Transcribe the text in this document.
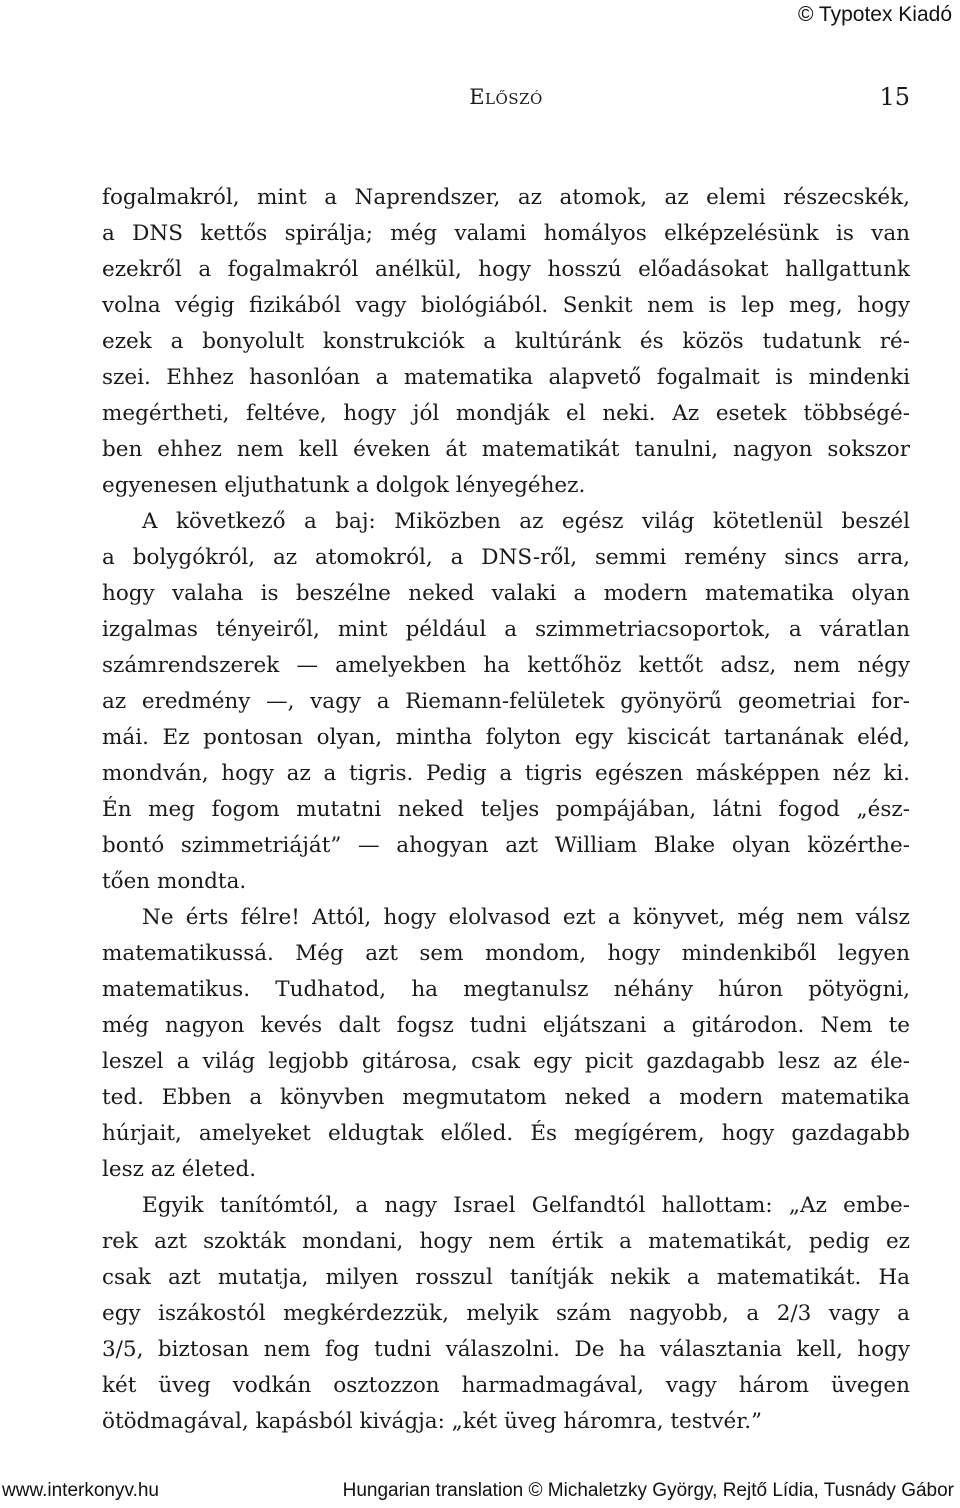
© Typotex Kiadó
Előszó	15
fogalmakról, mint a Naprendszer, az atomok, az elemi részecskék,
a DNS kettős spirálja; még valami homályos elképzelésünk is van
ezekről a fogalmakról anélkül, hogy hosszú előadásokat hallgattunk
volna végig fizikából vagy biológiából. Senkit nem is lep meg, hogy
ezek a bonyolult konstrukciók a kultúránk és közös tudatunk ré-
szei. Ehhez hasonlóan a matematika alapvető fogalmait is mindenki
megértheti, feltéve, hogy jól mondják el neki. Az esetek többségé-
ben ehhez nem kell éveken át matematikát tanulni, nagyon sokszor
egyenesen eljuthatunk a dolgok lényegéhez.
A következő a baj: Miközben az egész világ kötetlenül beszél
a bolygókról, az atomokról, a DNS-ről, semmi remény sincs arra,
hogy valaha is beszélne neked valaki a modern matematika olyan
izgalmas tényeiről, mint például a szimmetriacsoportok, a váratlan
számrendszerek — amelyekben ha kettőhöz kettőt adsz, nem négy
az eredmény —, vagy a Riemann-felületek gyönyörű geometriai for-
mái. Ez pontosan olyan, mintha folyton egy kiscicát tartanának eléd,
mondván, hogy az a tigris. Pedig a tigris egészen másképpen néz ki.
Én meg fogom mutatni neked teljes pompájában, látni fogod „ész-
bontó szimmetriáját” — ahogyan azt William Blake olyan közérthe-
tően mondta.
Ne érts félre! Attól, hogy elolvasod ezt a könyvet, még nem válsz
matematikussá. Még azt sem mondom, hogy mindenkiből legyen
matematikus. Tudhatod, ha megtanulsz néhány húron pötyögni,
még nagyon kevés dalt fogsz tudni eljátszani a gitárodon. Nem te
leszel a világ legjobb gitárosa, csak egy picit gazdagabb lesz az éle-
ted. Ebben a könyvben megmutatom neked a modern matematika
húrjait, amelyeket eldugtak előled. És megígérem, hogy gazdagabb
lesz az életed.
Egyik tanítómtól, a nagy Israel Gelfandtól hallottam: „Az embe-
rek azt szokták mondani, hogy nem értik a matematikát, pedig ez
csak azt mutatja, milyen rosszul tanítják nekik a matematikát. Ha
egy iszákostól megkérdezzük, melyik szám nagyobb, a 2/3 vagy a
3/5, biztosan nem fog tudni válaszolni. De ha választania kell, hogy
két üveg vodkán osztozzon harmadmagával, vagy három üvegen
ötödmagával, kapásból kivágja: „két üveg háromra, testvér.”
www.interkonyv.hu	Hungarian translation © Michaletzky György, Rejtő Lídia, Tusnády Gábor
